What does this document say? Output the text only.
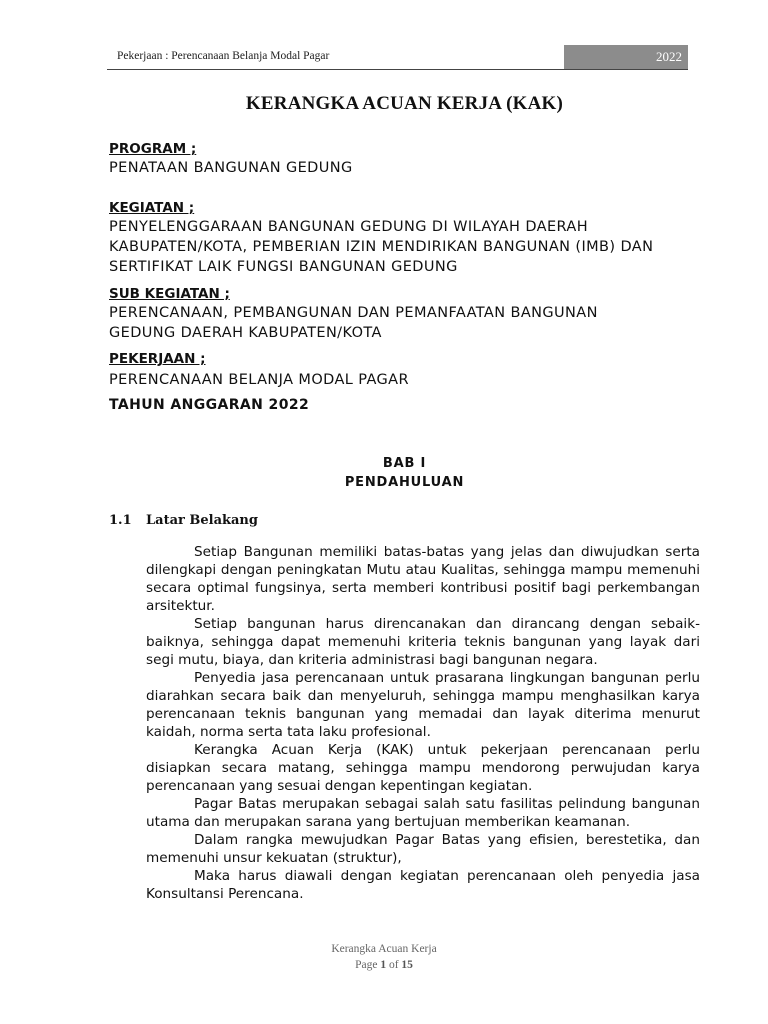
Pekerjaan : Perencanaan Belanja Modal Pagar	2022
KERANGKA ACUAN KERJA (KAK)
PROGRAM ;
PENATAAN BANGUNAN GEDUNG
KEGIATAN ;
PENYELENGGARAAN BANGUNAN GEDUNG DI WILAYAH DAERAH
KABUPATEN/KOTA, PEMBERIAN IZIN MENDIRIKAN BANGUNAN (IMB) DAN
SERTIFIKAT LAIK FUNGSI BANGUNAN GEDUNG
SUB KEGIATAN ;
PERENCANAAN, PEMBANGUNAN DAN PEMANFAATAN BANGUNAN
GEDUNG DAERAH KABUPATEN/KOTA
PEKERJAAN ;
PERENCANAAN BELANJA MODAL PAGAR
TAHUN ANGGARAN 2022
BAB I
PENDAHULUAN
1.1 Latar Belakang

Setiap Bangunan memiliki batas-batas yang jelas dan diwujudkan serta dilengkapi dengan peningkatan Mutu atau Kualitas, sehingga mampu memenuhi secara optimal fungsinya, serta memberi kontribusi positif bagi perkembangan arsitektur.

Setiap bangunan harus direncanakan dan dirancang dengan sebaik-baiknya, sehingga dapat memenuhi kriteria teknis bangunan yang layak dari segi mutu, biaya, dan kriteria administrasi bagi bangunan negara.

Penyedia jasa perencanaan untuk prasarana lingkungan bangunan perlu diarahkan secara baik dan menyeluruh, sehingga mampu menghasilkan karya perencanaan teknis bangunan yang memadai dan layak diterima menurut kaidah, norma serta tata laku profesional.

Kerangka Acuan Kerja (KAK) untuk pekerjaan perencanaan perlu disiapkan secara matang, sehingga mampu mendorong perwujudan karya perencanaan yang sesuai dengan kepentingan kegiatan.

Pagar Batas merupakan sebagai salah satu fasilitas pelindung bangunan utama dan merupakan sarana yang bertujuan memberikan keamanan.

Dalam rangka mewujudkan Pagar Batas yang efisien, berestetika, dan memenuhi unsur kekuatan (struktur),

Maka harus diawali dengan kegiatan perencanaan oleh penyedia jasa Konsultansi Perencana.

Kerangka Acuan Kerja
Page 1 of 15
